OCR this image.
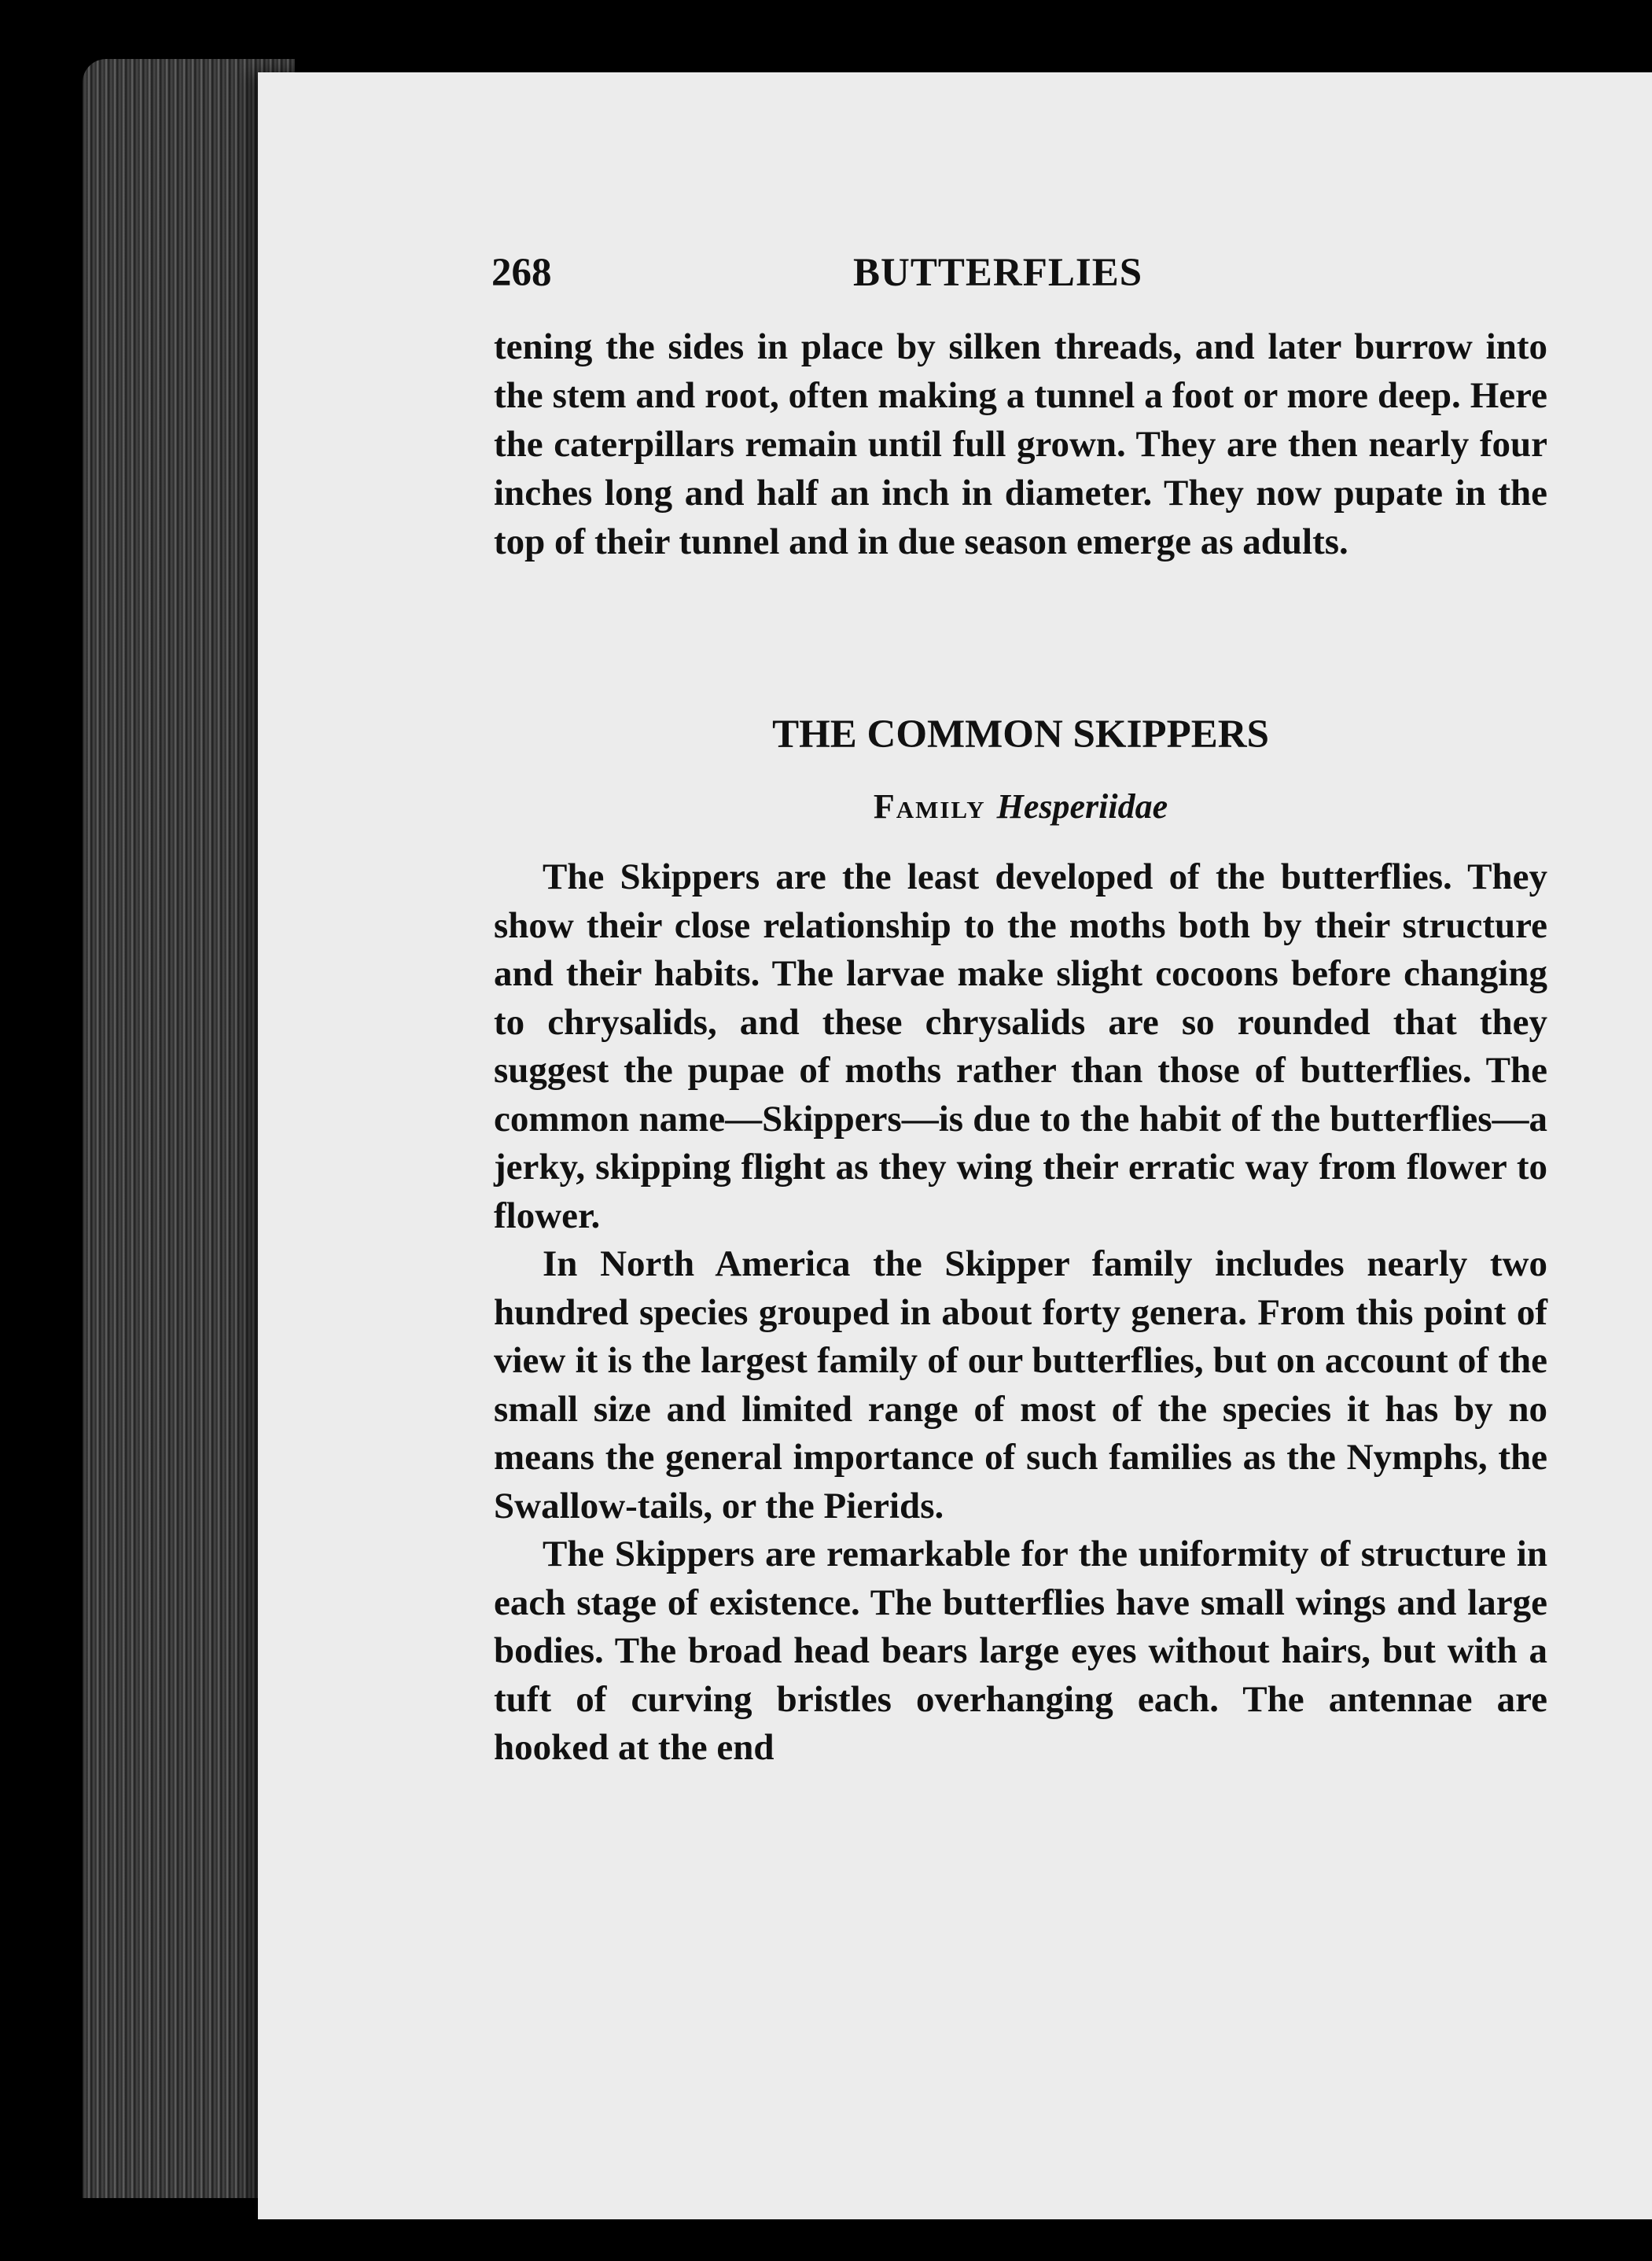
268	BUTTERFLIES

tening the sides in place by silken threads, and later burrow into the stem and root, often making a tunnel a foot or more deep. Here the caterpillars remain until full grown. They are then nearly four inches long and half an inch in diameter. They now pupate in the top of their tunnel and in due season emerge as adults.

THE COMMON SKIPPERS
Family Hesperiidae

The Skippers are the least developed of the butterflies. They show their close relationship to the moths both by their structure and their habits. The larvae make slight cocoons before changing to chrysalids, and these chrysalids are so rounded that they suggest the pupae of moths rather than those of butterflies. The common name—Skippers—is due to the habit of the butterflies—a jerky, skipping flight as they wing their erratic way from flower to flower.

In North America the Skipper family includes nearly two hundred species grouped in about forty genera. From this point of view it is the largest family of our butterflies, but on account of the small size and limited range of most of the species it has by no means the general importance of such families as the Nymphs, the Swallow-tails, or the Pierids.

The Skippers are remarkable for the uniformity of structure in each stage of existence. The butterflies have small wings and large bodies. The broad head bears large eyes without hairs, but with a tuft of curving bristles overhanging each. The antennae are hooked at the end
